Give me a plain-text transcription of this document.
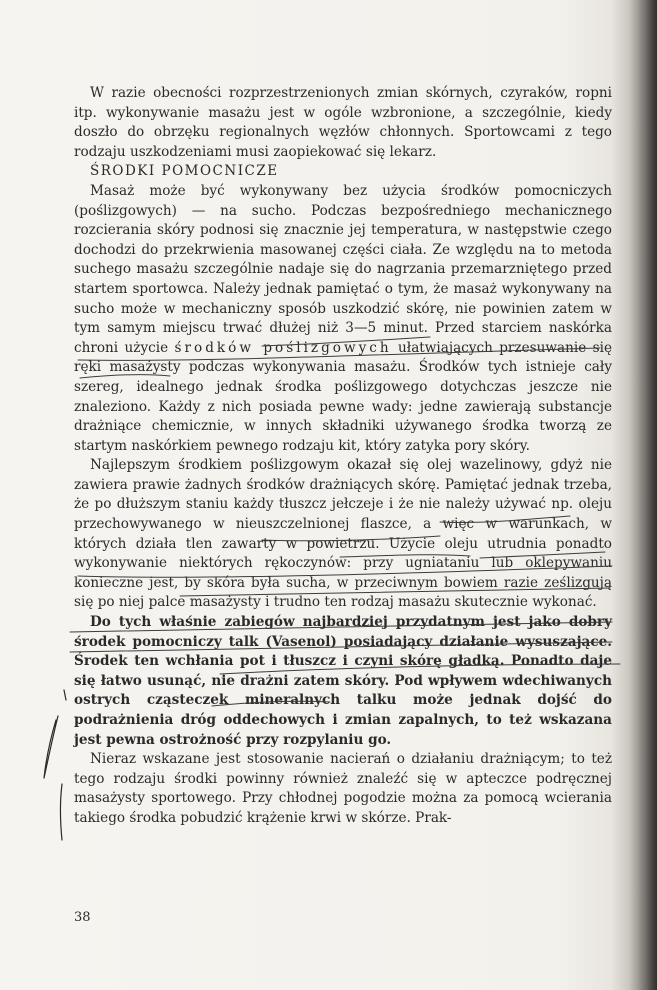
W razie obecności rozprzestrzenionych zmian skórnych, czyraków, ropni itp. wykonywanie masażu jest w ogóle wzbronione, a szczególnie, kiedy doszło do obrzęku regionalnych węzłów chłonnych. Sportowcami z tego rodzaju uszkodzeniami musi zaopiekować się lekarz.

ŚRODKI POMOCNICZE

Masaż może być wykonywany bez użycia środków pomocniczych (poślizgowych) — na sucho. Podczas bezpośredniego mechanicznego rozcierania skóry podnosi się znacznie jej temperatura, w następstwie czego dochodzi do przekrwienia masowanej części ciała. Ze względu na to metoda suchego masażu szczególnie nadaje się do nagrzania przemarzniętego przed startem sportowca. Należy jednak pamiętać o tym, że masaż wykonywany na sucho może w mechaniczny sposób uszkodzić skórę, nie powinien zatem w tym samym miejscu trwać dłużej niż 3—5 minut. Przed starciem naskórka chroni użycie środków poślizgowych ułatwiających przesuwanie się ręki masażysty podczas wykonywania masażu. Środków tych istnieje cały szereg, idealnego jednak środka poślizgowego dotychczas jeszcze nie znaleziono. Każdy z nich posiada pewne wady: jedne zawierają substancje drażniące chemicznie, w innych składniki używanego środka tworzą ze startym naskórkiem pewnego rodzaju kit, który zatyka pory skóry.

Najlepszym środkiem poślizgowym okazał się olej wazelinowy, gdyż nie zawiera prawie żadnych środków drażniących skórę. Pamiętać jednak trzeba, że po dłuższym staniu każdy tłuszcz jełczeje i że nie należy używać np. oleju przechowywanego w nieuszczelnionej flaszce, a więc w warunkach, w których działa tlen zawarty w powietrzu. Użycie oleju utrudnia ponadto wykonywanie niektórych rękoczynów: przy ugniataniu lub oklepywaniu konieczne jest, by skóra była sucha, w przeciwnym bowiem razie ześlizgują się po niej palce masażysty i trudno ten rodzaj masażu skutecznie wykonać.

Do tych właśnie zabiegów najbardziej przydatnym jest jako dobry środek pomocniczy talk (Vasenol) posiadający działanie wysuszające. Środek ten wchłania pot i tłuszcz i czyni skórę gładką. Ponadto daje się łatwo usunąć, nie drażni zatem skóry. Pod wpływem wdechiwanych ostrych cząsteczek mineralnych talku może jednak dojść do podrażnienia dróg oddechowych i zmian zapalnych, to też wskazana jest pewna ostrożność przy rozpylaniu go.

Nieraz wskazane jest stosowanie nacierań o działaniu drażniącym; to też tego rodzaju środki powinny również znaleźć się w apteczce podręcznej masażysty sportowego. Przy chłodnej pogodzie można za pomocą wcierania takiego środka pobudzić krążenie krwi w skórze. Prak-

38
